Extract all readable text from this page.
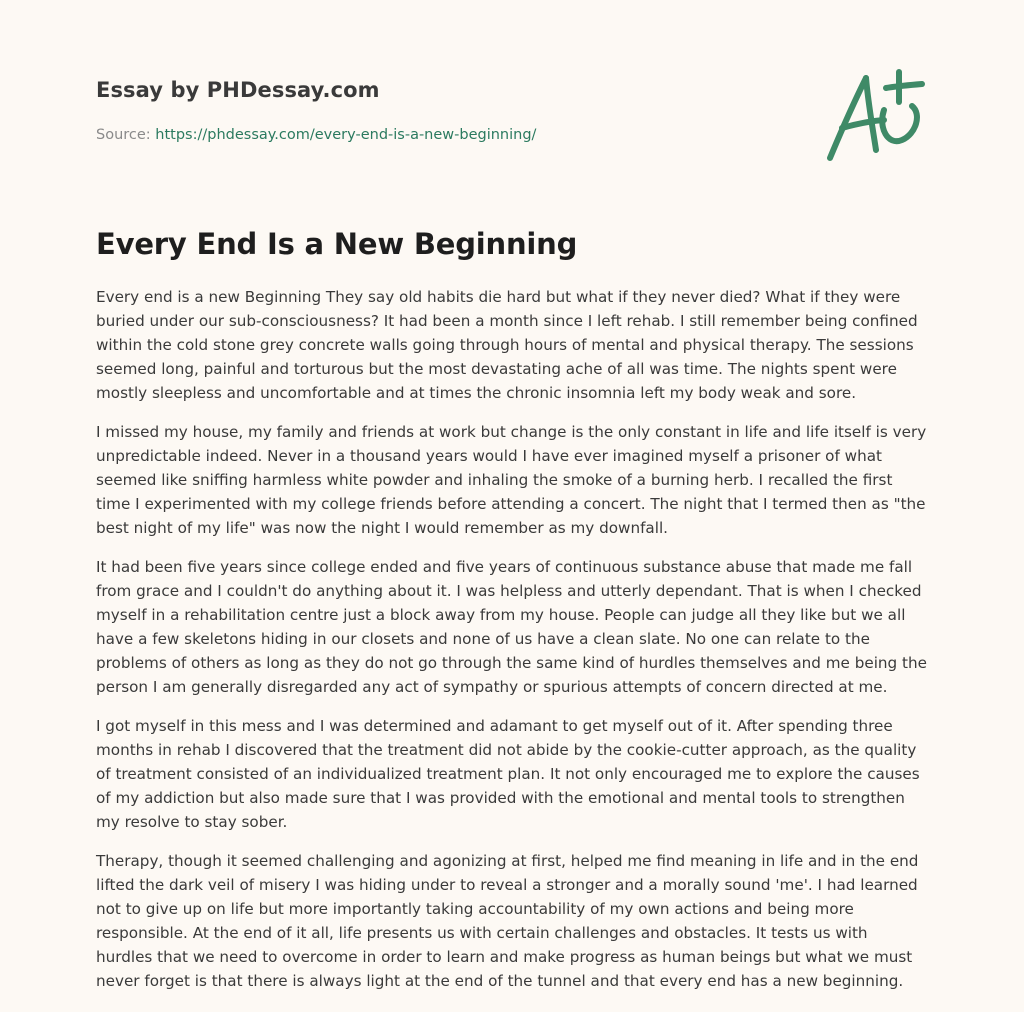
Essay by PHDessay.com
Source: https://phdessay.com/every-end-is-a-new-beginning/
Every End Is a New Beginning

Every end is a new Beginning They say old habits die hard but what if they never died? What if they were buried under our sub-consciousness? It had been a month since I left rehab. I still remember being confined within the cold stone grey concrete walls going through hours of mental and physical therapy. The sessions seemed long, painful and torturous but the most devastating ache of all was time. The nights spent were mostly sleepless and uncomfortable and at times the chronic insomnia left my body weak and sore.

I missed my house, my family and friends at work but change is the only constant in life and life itself is very unpredictable indeed. Never in a thousand years would I have ever imagined myself a prisoner of what seemed like sniffing harmless white powder and inhaling the smoke of a burning herb. I recalled the first time I experimented with my college friends before attending a concert. The night that I termed then as "the best night of my life" was now the night I would remember as my downfall.

It had been five years since college ended and five years of continuous substance abuse that made me fall from grace and I couldn't do anything about it. I was helpless and utterly dependant. That is when I checked myself in a rehabilitation centre just a block away from my house. People can judge all they like but we all have a few skeletons hiding in our closets and none of us have a clean slate. No one can relate to the problems of others as long as they do not go through the same kind of hurdles themselves and me being the person I am generally disregarded any act of sympathy or spurious attempts of concern directed at me.

I got myself in this mess and I was determined and adamant to get myself out of it. After spending three months in rehab I discovered that the treatment did not abide by the cookie-cutter approach, as the quality of treatment consisted of an individualized treatment plan. It not only encouraged me to explore the causes of my addiction but also made sure that I was provided with the emotional and mental tools to strengthen my resolve to stay sober.

Therapy, though it seemed challenging and agonizing at first, helped me find meaning in life and in the end lifted the dark veil of misery I was hiding under to reveal a stronger and a morally sound 'me'. I had learned not to give up on life but more importantly taking accountability of my own actions and being more responsible. At the end of it all, life presents us with certain challenges and obstacles. It tests us with hurdles that we need to overcome in order to learn and make progress as human beings but what we must never forget is that there is always light at the end of the tunnel and that every end has a new beginning.
